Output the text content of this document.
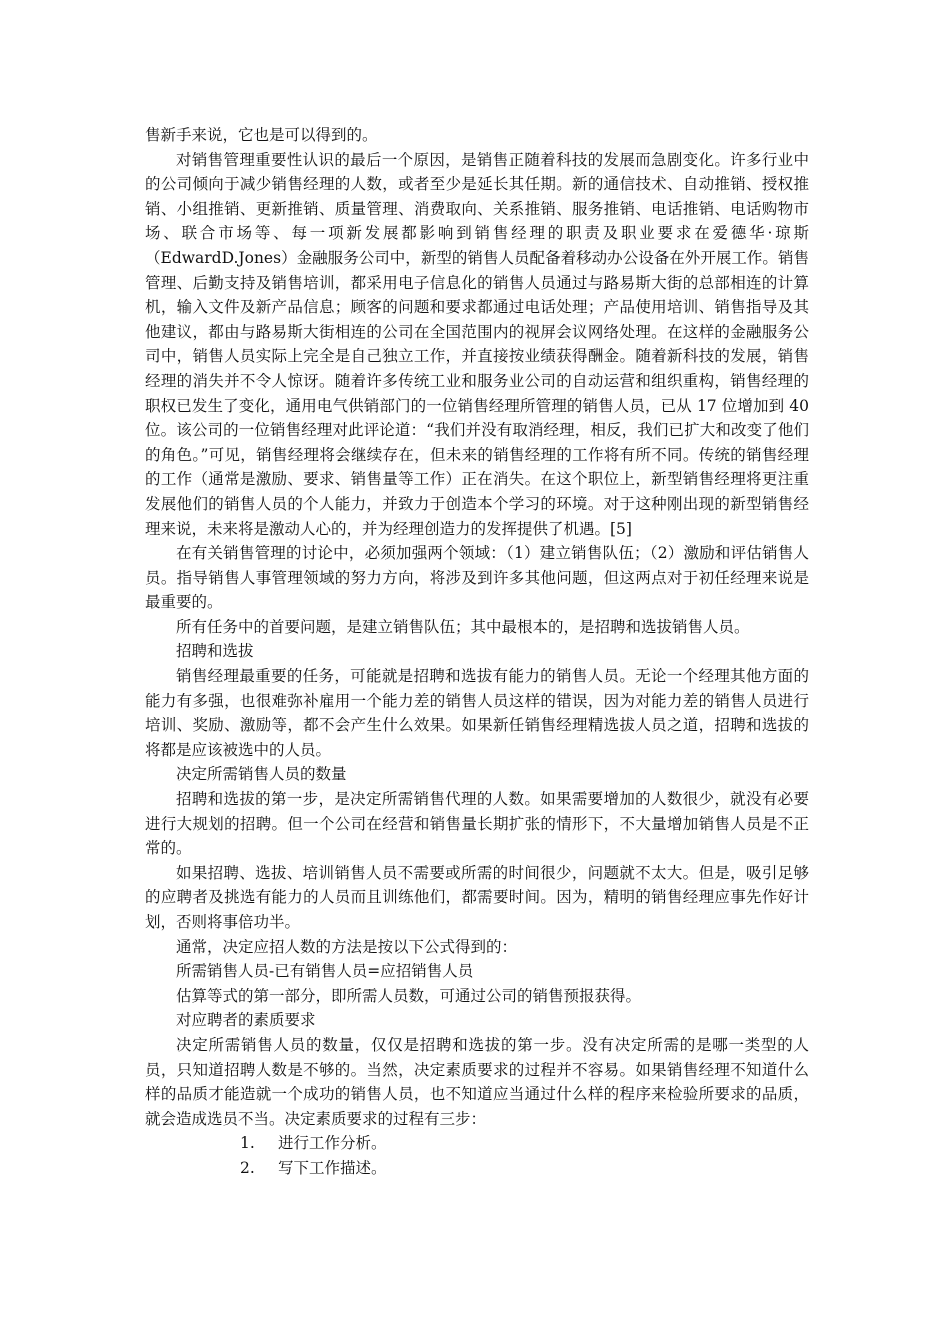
售新手来说，它也是可以得到的。

对销售管理重要性认识的最后一个原因，是销售正随着科技的发展而急剧变化。许多行业中的公司倾向于减少销售经理的人数，或者至少是延长其任期。新的通信技术、自动推销、授权推销、小组推销、更新推销、质量管理、消费取向、关系推销、服务推销、电话推销、电话购物市场、联合市场等、每一项新发展都影响到销售经理的职责及职业要求在爱德华·琼斯（EdwardD.Jones）金融服务公司中，新型的销售人员配备着移动办公设备在外开展工作。销售管理、后勤支持及销售培训，都采用电子信息化的销售人员通过与路易斯大街的总部相连的计算机，输入文件及新产品信息；顾客的问题和要求都通过电话处理；产品使用培训、销售指导及其他建议，都由与路易斯大街相连的公司在全国范围内的视屏会议网络处理。在这样的金融服务公司中，销售人员实际上完全是自己独立工作，并直接按业绩获得酬金。随着新科技的发展，销售经理的消失并不令人惊讶。随着许多传统工业和服务业公司的自动运营和组织重构，销售经理的职权已发生了变化，通用电气供销部门的一位销售经理所管理的销售人员，已从 17 位增加到 40 位。该公司的一位销售经理对此评论道：“我们并没有取消经理，相反，我们已扩大和改变了他们的角色。”可见，销售经理将会继续存在，但未来的销售经理的工作将有所不同。传统的销售经理的工作（通常是激励、要求、销售量等工作）正在消失。在这个职位上，新型销售经理将更注重发展他们的销售人员的个人能力，并致力于创造本个学习的环境。对于这种刚出现的新型销售经理来说，未来将是激动人心的，并为经理创造力的发挥提供了机遇。[5]

在有关销售管理的讨论中，必须加强两个领域：（1）建立销售队伍；（2）激励和评估销售人员。指导销售人事管理领域的努力方向，将涉及到许多其他问题，但这两点对于初任经理来说是最重要的。

所有任务中的首要问题，是建立销售队伍；其中最根本的，是招聘和选拔销售人员。

招聘和选拔

销售经理最重要的任务，可能就是招聘和选拔有能力的销售人员。无论一个经理其他方面的能力有多强，也很难弥补雇用一个能力差的销售人员这样的错误，因为对能力差的销售人员进行培训、奖励、激励等，都不会产生什么效果。如果新任销售经理精选拔人员之道，招聘和选拔的将都是应该被选中的人员。

决定所需销售人员的数量

招聘和选拔的第一步，是决定所需销售代理的人数。如果需要增加的人数很少，就没有必要进行大规划的招聘。但一个公司在经营和销售量长期扩张的情形下，不大量增加销售人员是不正常的。

如果招聘、选拔、培训销售人员不需要或所需的时间很少，问题就不太大。但是，吸引足够的应聘者及挑选有能力的人员而且训练他们，都需要时间。因为，精明的销售经理应事先作好计划，否则将事倍功半。

通常，决定应招人数的方法是按以下公式得到的：

所需销售人员-已有销售人员=应招销售人员

估算等式的第一部分，即所需人员数，可通过公司的销售预报获得。

对应聘者的素质要求

决定所需销售人员的数量，仅仅是招聘和选拔的第一步。没有决定所需的是哪一类型的人员，只知道招聘人数是不够的。当然，决定素质要求的过程并不容易。如果销售经理不知道什么样的品质才能造就一个成功的销售人员，也不知道应当通过什么样的程序来检验所要求的品质，就会造成选员不当。决定素质要求的过程有三步：

1.	进行工作分析。
2.	写下工作描述。
